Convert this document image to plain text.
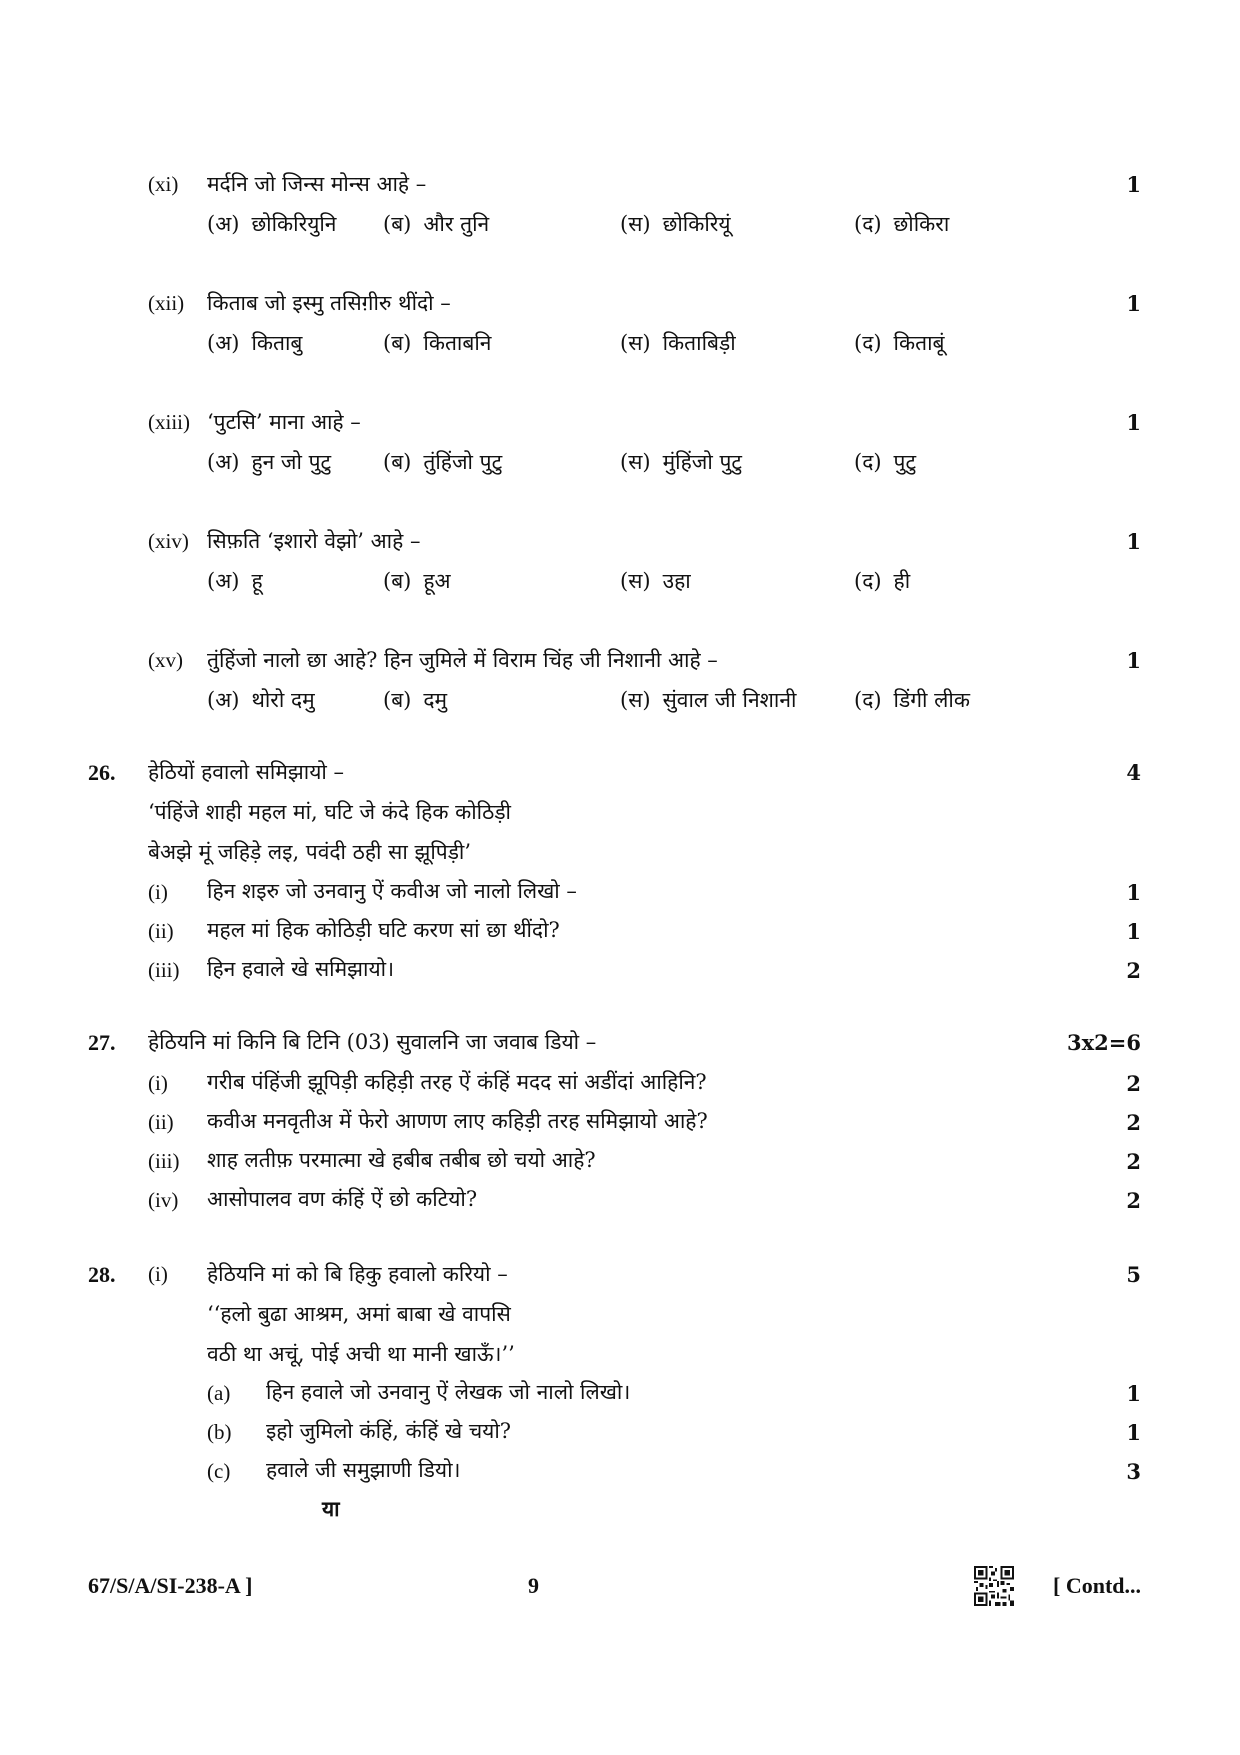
(xi) मर्दनि जो जिन्स मोन्स आहे –	1
(अ) छोकिरियुनि (ब) और तुनि	(स) छोकिरियूं	(द) छोकिरा
(xii) किताब जो इस्मु तसिग़ीरु थींदो –	1
(अ) किताबु	(ब) किताबनि	(स) किताबिड़ी	(द) किताबूं
(xiii) ‘पुटसि’ माना आहे –	1
(अ) हुन जो पुटु (ब) तुंहिंजो पुटु	(स) मुंहिंजो पुटु	(द) पुटु
(xiv) सिफ़ति ‘इशारो वेझो’ आहे –	1
(अ) हू	(ब) हूअ	(स) उहा	(द) ही
(xv) तुंहिंजो नालो छा आहे? हिन जुमिले में विराम चिंह जी निशानी आहे –	1
(अ) थोरो दमु	(ब) दमु	(स) सुंवाल जी निशानी	(द) डिंगी लीक
26. हेठियों हवालो समिझायो –	4
‘पंहिंजे शाही महल मां, घटि जे कंदे हिक कोठिड़ी
बेअझे मूं जहिड़े लइ, पवंदी ठही सा झूपिड़ी’
(i) हिन शइरु जो उनवानु ऐं कवीअ जो नालो लिखो –	1
(ii) महल मां हिक कोठिड़ी घटि करण सां छा थींदो?	1
(iii) हिन हवाले खे समिझायो।	2
27. हेठियनि मां किनि बि टिनि (03) सुवालनि जा जवाब डियो –	3x2=6
(i) गरीब पंहिंजी झूपिड़ी कहिड़ी तरह ऐं कंहिं मदद सां अडींदां आहिनि?	2
(ii) कवीअ मनवृतीअ में फेरो आणण लाए कहिड़ी तरह समिझायो आहे?	2
(iii) शाह लतीफ़ परमात्मा खे हबीब तबीब छो चयो आहे?	2
(iv) आसोपालव वण कंहिं ऐं छो कटियो?	2
28. (i) हेठियनि मां को बि हिकु हवालो करियो –	5
‘‘हलो बुढा आश्रम, अमां बाबा खे वापसि
वठी था अचूं, पोई अची था मानी खाऊँ।’’
(a) हिन हवाले जो उनवानु ऐं लेखक जो नालो लिखो।	1
(b) इहो जुमिलो कंहिं, कंहिं खे चयो?	1
(c) हवाले जी समुझाणी डियो।	3
या
67/S/A/SI-238-A ]	9	[ Contd...
